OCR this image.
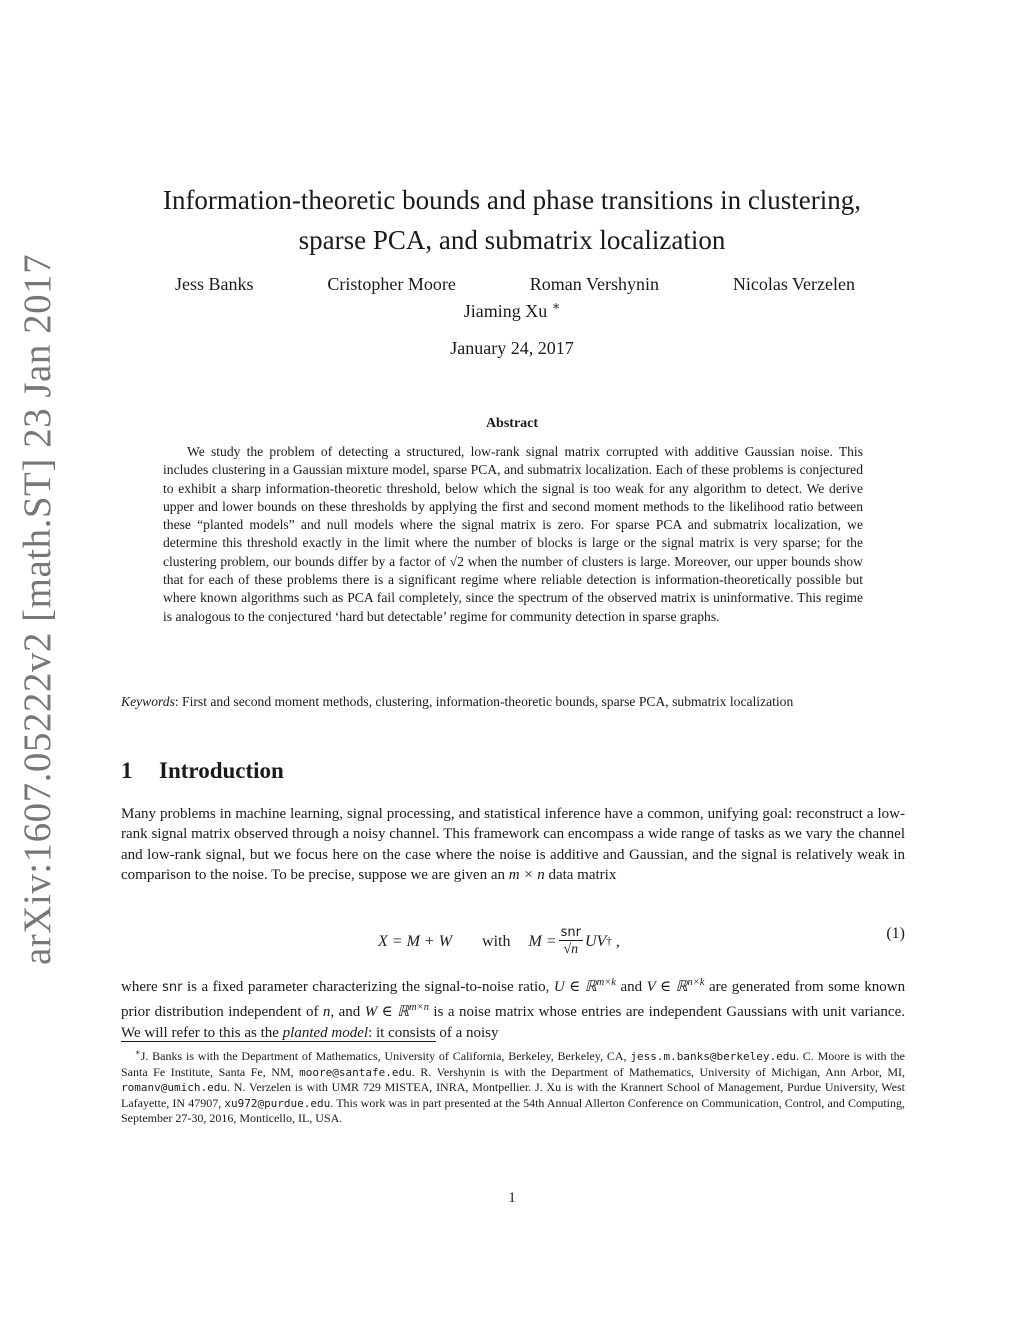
arXiv:1607.05222v2 [math.ST] 23 Jan 2017
Information-theoretic bounds and phase transitions in clustering,
sparse PCA, and submatrix localization
Jess Banks	Cristopher Moore	Roman Vershynin	Nicolas Verzelen
Jiaming Xu ∗
January 24, 2017
Abstract
We study the problem of detecting a structured, low-rank signal matrix corrupted with additive Gaussian noise. This includes clustering in a Gaussian mixture model, sparse PCA, and submatrix localization. Each of these problems is conjectured to exhibit a sharp information-theoretic threshold, below which the signal is too weak for any algorithm to detect. We derive upper and lower bounds on these thresholds by applying the first and second moment methods to the likelihood ratio between these “planted models” and null models where the signal matrix is zero. For sparse PCA and submatrix localization, we determine this threshold exactly in the limit where the number of blocks is large or the signal matrix is very sparse; for the clustering problem, our bounds differ by a factor of √2 when the number of clusters is large. Moreover, our upper bounds show that for each of these problems there is a significant regime where reliable detection is information-theoretically possible but where known algorithms such as PCA fail completely, since the spectrum of the observed matrix is uninformative. This regime is analogous to the conjectured ‘hard but detectable’ regime for community detection in sparse graphs.
Keywords: First and second moment methods, clustering, information-theoretic bounds, sparse PCA, submatrix localization
1 Introduction
Many problems in machine learning, signal processing, and statistical inference have a common, unifying goal: reconstruct a low-rank signal matrix observed through a noisy channel. This framework can encompass a wide range of tasks as we vary the channel and low-rank signal, but we focus here on the case where the noise is additive and Gaussian, and the signal is relatively weak in comparison to the noise. To be precise, suppose we are given an m × n data matrix
X = M + W with $M = \frac{\text{snr}}{√n}$ UV † ,	(1)
where snr is a fixed parameter characterizing the signal-to-noise ratio, U ∈ ℝ$^{m\times k}$ and V ∈ ℝ$^{n\times k}$ are generated from some known prior distribution independent of n, and W ∈ ℝ$^{m\times n}$ is a noise matrix whose entries are independent Gaussians with unit variance. We will refer to this as the planted model: it consists of a noisy
∗J. Banks is with the Department of Mathematics, University of California, Berkeley, Berkeley, CA, jess.m.banks@berkeley.edu. C. Moore is with the Santa Fe Institute, Santa Fe, NM, moore@santafe.edu. R. Vershynin is with the Department of Mathematics, University of Michigan, Ann Arbor, MI, romanv@umich.edu. N. Verzelen is with UMR 729 MISTEA, INRA, Montpellier. J. Xu is with the Krannert School of Management, Purdue University, West Lafayette, IN 47907, xu972@purdue.edu. This work was in part presented at the 54th Annual Allerton Conference on Communication, Control, and Computing, September 27-30, 2016, Monticello, IL, USA.
1
